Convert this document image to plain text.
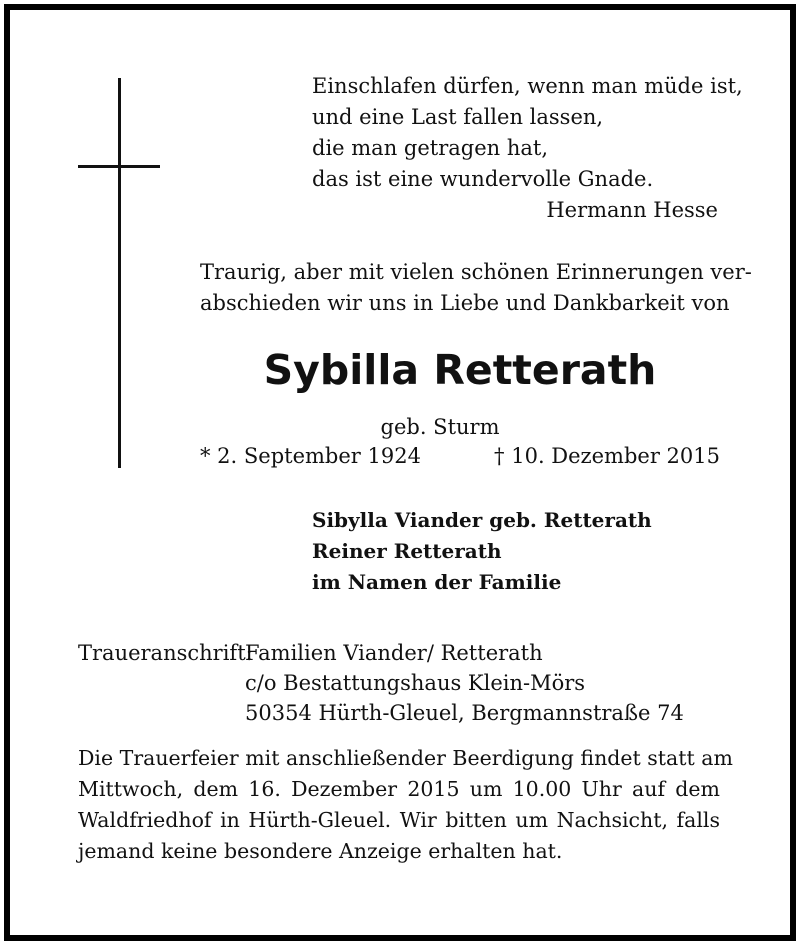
Einschlafen dürfen, wenn man müde ist,
und eine Last fallen lassen,
die man getragen hat,
das ist eine wundervolle Gnade.
Hermann Hesse
Traurig, aber mit vielen schönen Erinnerungen ver-
abschieden wir uns in Liebe und Dankbarkeit von
Sybilla Retterath
geb. Sturm
* 2. September 1924	† 10. Dezember 2015
Sibylla Viander geb. Retterath
Reiner Retterath
im Namen der Familie
Traueranschrift:
Familien Viander/ Retterath
c/o Bestattungshaus Klein-Mörs
50354 Hürth-Gleuel, Bergmannstraße 74
Die Trauerfeier mit anschließender Beerdigung findet statt am
Mittwoch, dem 16. Dezember 2015 um 10.00 Uhr auf dem
Waldfriedhof in Hürth-Gleuel. Wir bitten um Nachsicht, falls
jemand keine besondere Anzeige erhalten hat.
